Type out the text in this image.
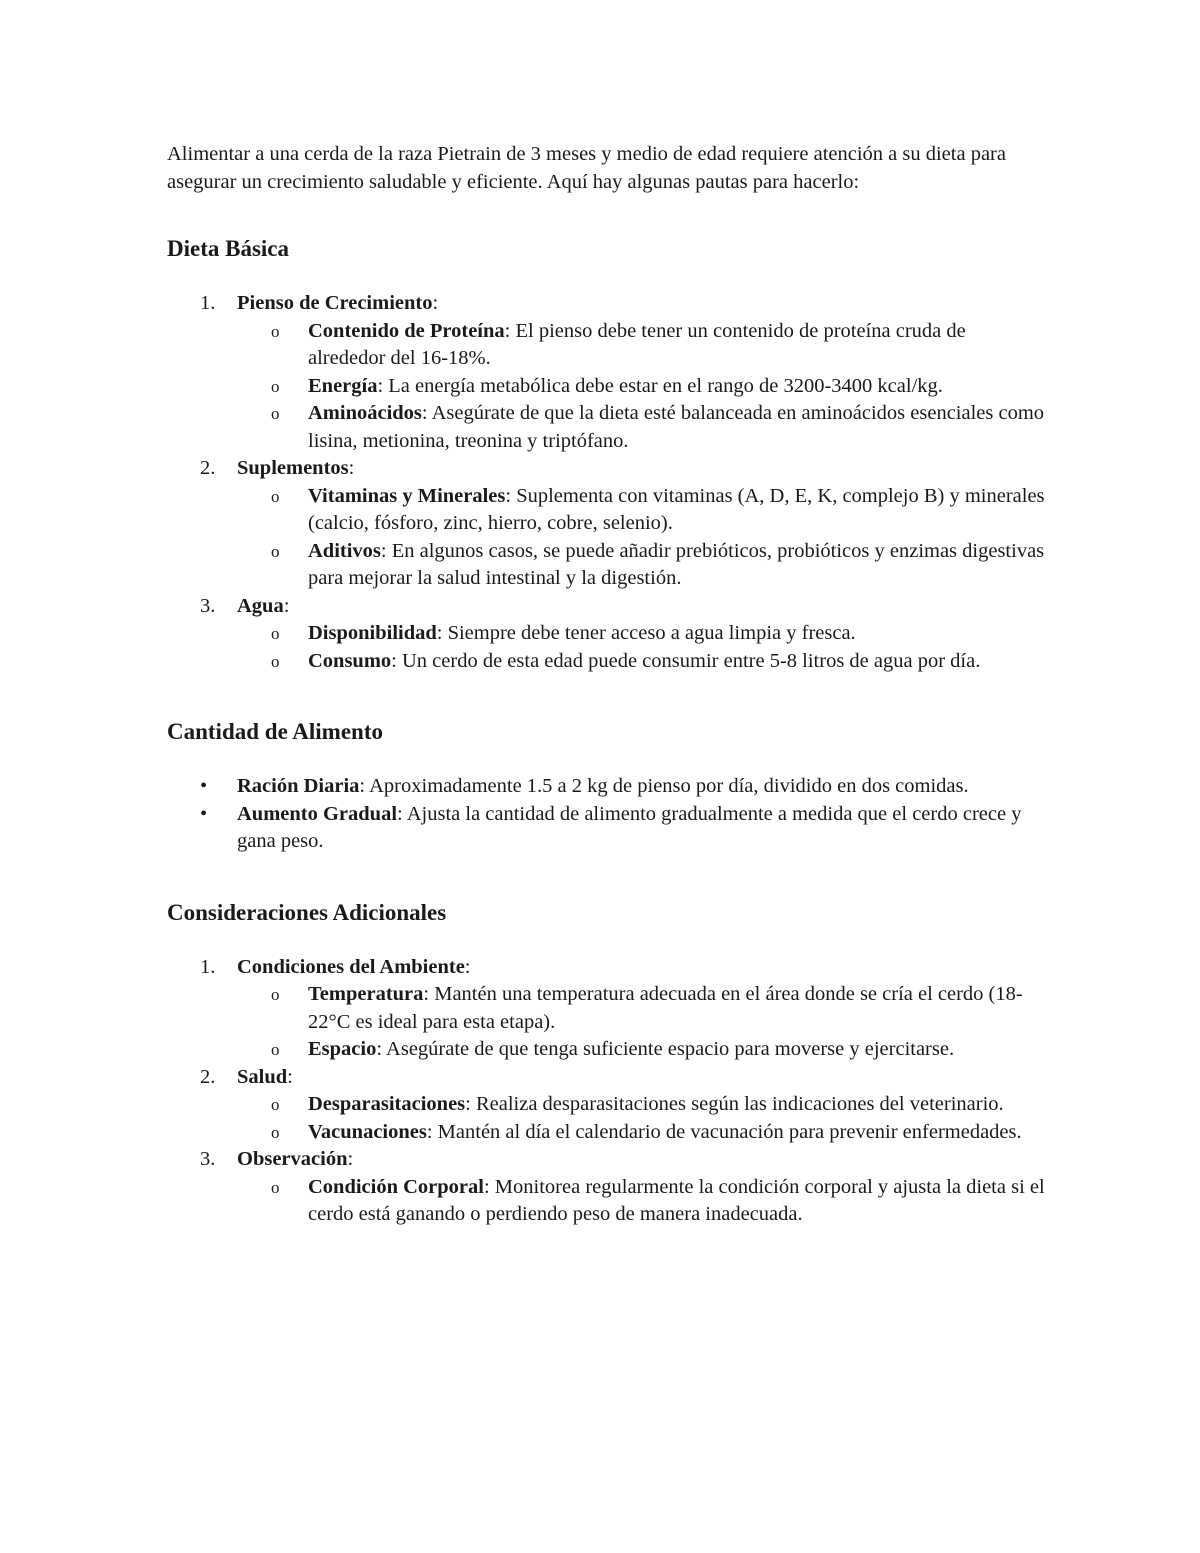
Alimentar a una cerda de la raza Pietrain de 3 meses y medio de edad requiere atención a su dieta para asegurar un crecimiento saludable y eficiente. Aquí hay algunas pautas para hacerlo:

Dieta Básica
1. Pienso de Crecimiento:
o Contenido de Proteína: El pienso debe tener un contenido de proteína cruda de alrededor del 16-18%.
o Energía: La energía metabólica debe estar en el rango de 3200-3400 kcal/kg.
o Aminoácidos: Asegúrate de que la dieta esté balanceada en aminoácidos esenciales como lisina, metionina, treonina y triptófano.
2. Suplementos:
o Vitaminas y Minerales: Suplementa con vitaminas (A, D, E, K, complejo B) y minerales (calcio, fósforo, zinc, hierro, cobre, selenio).
o Aditivos: En algunos casos, se puede añadir prebióticos, probióticos y enzimas digestivas para mejorar la salud intestinal y la digestión.
3. Agua:
o Disponibilidad: Siempre debe tener acceso a agua limpia y fresca.
o Consumo: Un cerdo de esta edad puede consumir entre 5-8 litros de agua por día.
Cantidad de Alimento
• Ración Diaria: Aproximadamente 1.5 a 2 kg de pienso por día, dividido en dos comidas.
• Aumento Gradual: Ajusta la cantidad de alimento gradualmente a medida que el cerdo crece y gana peso.
Consideraciones Adicionales
1. Condiciones del Ambiente:
o Temperatura: Mantén una temperatura adecuada en el área donde se cría el cerdo (18-22°C es ideal para esta etapa).
o Espacio: Asegúrate de que tenga suficiente espacio para moverse y ejercitarse.
2. Salud:
o Desparasitaciones: Realiza desparasitaciones según las indicaciones del veterinario.
o Vacunaciones: Mantén al día el calendario de vacunación para prevenir enfermedades.
3. Observación:
o Condición Corporal: Monitorea regularmente la condición corporal y ajusta la dieta si el cerdo está ganando o perdiendo peso de manera inadecuada.
